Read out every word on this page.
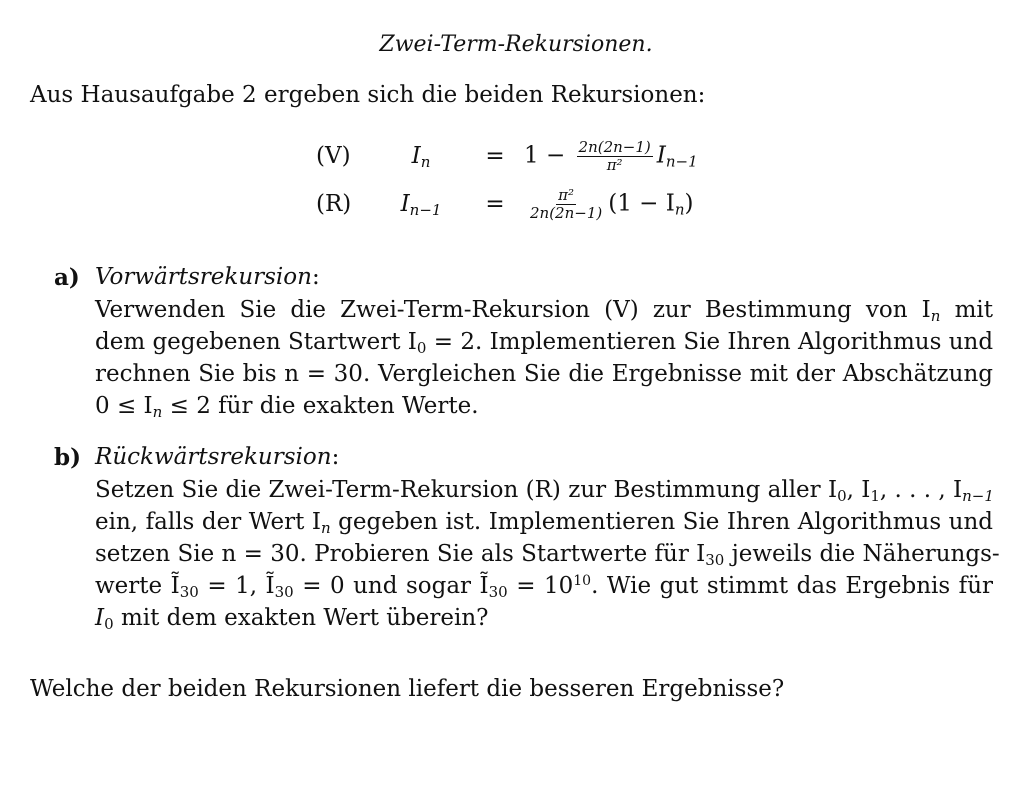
Zwei-Term-Rekursionen.
Aus Hausaufgabe 2 ergeben sich die beiden Rekursionen:
(V)	$I_n$	= $1 - \frac{2n(2n-1)}{\text{π²}} I_{n-1}$
(R)	$I_{n-1}$	=	$\frac{\text{π²}}{2n(2n-1)} (1 - I_n)$
a) Vorwärtsrekursion:
Verwenden Sie die Zwei-Term-Rekursion (V) zur Bestimmung von $I_n$ mit
dem gegebenen Startwert $I_0 = 2$. Implementieren Sie Ihren Algorithmus und
rechnen Sie bis n = 30. Vergleichen Sie die Ergebnisse mit der Abschätzung
$0 \le I_n \le 2$ für die exakten Werte.
b) Rückwärtsrekursion:
Setzen Sie die Zwei-Term-Rekursion (R) zur Bestimmung aller $I_0$, $I_1$, . . . , $I_{n-1}$
ein, falls der Wert $I_n$ gegeben ist. Implementieren Sie Ihren Algorithmus und
setzen Sie n = 30. Probieren Sie als Startwerte für $I_{30}$ jeweils die Näherungs-
werte $Ĩ_{30} = 1$, $Ĩ_{30} = 0$ und sogar $Ĩ_{30} = 10^{10}$. Wie gut stimmt das Ergebnis für
$I_0$ mit dem exakten Wert überein?
Welche der beiden Rekursionen liefert die besseren Ergebnisse?
